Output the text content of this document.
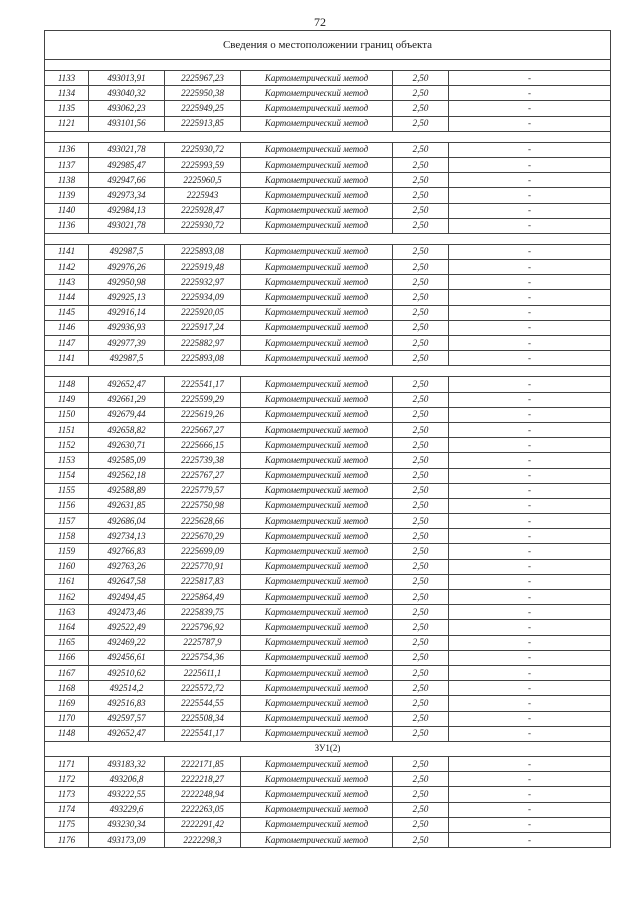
72
Сведения о местоположении границ объекта					

1133	493013,91	2225967,23	Картометрический метод	2,50	-
1134	493040,32	2225950,38	Картометрический метод	2,50	-
1135	493062,23	2225949,25	Картометрический метод	2,50	-
1121	493101,56	2225913,85	Картометрический метод	2,50	-

1136	493021,78	2225930,72	Картометрический метод	2,50	-
1137	492985,47	2225993,59	Картометрический метод	2,50	-
1138	492947,66	2225960,5	Картометрический метод	2,50	-
1139	492973,34	2225943	Картометрический метод	2,50	-
1140	492984,13	2225928,47	Картометрический метод	2,50	-
1136	493021,78	2225930,72	Картометрический метод	2,50	-

1141	492987,5	2225893,08	Картометрический метод	2,50	-
1142	492976,26	2225919,48	Картометрический метод	2,50	-
1143	492950,98	2225932,97	Картометрический метод	2,50	-
1144	492925,13	2225934,09	Картометрический метод	2,50	-
1145	492916,14	2225920,05	Картометрический метод	2,50	-
1146	492936,93	2225917,24	Картометрический метод	2,50	-
1147	492977,39	2225882,97	Картометрический метод	2,50	-
1141	492987,5	2225893,08	Картометрический метод	2,50	-

1148	492652,47	2225541,17	Картометрический метод	2,50	-
1149	492661,29	2225599,29	Картометрический метод	2,50	-
1150	492679,44	2225619,26	Картометрический метод	2,50	-
1151	492658,82	2225667,27	Картометрический метод	2,50	-
1152	492630,71	2225666,15	Картометрический метод	2,50	-
1153	492585,09	2225739,38	Картометрический метод	2,50	-
1154	492562,18	2225767,27	Картометрический метод	2,50	-
1155	492588,89	2225779,57	Картометрический метод	2,50	-
1156	492631,85	2225750,98	Картометрический метод	2,50	-
1157	492686,04	2225628,66	Картометрический метод	2,50	-
1158	492734,13	2225670,29	Картометрический метод	2,50	-
1159	492766,83	2225699,09	Картометрический метод	2,50	-
1160	492763,26	2225770,91	Картометрический метод	2,50	-
1161	492647,58	2225817,83	Картометрический метод	2,50	-
1162	492494,45	2225864,49	Картометрический метод	2,50	-
1163	492473,46	2225839,75	Картометрический метод	2,50	-
1164	492522,49	2225796,92	Картометрический метод	2,50	-
1165	492469,22	2225787,9	Картометрический метод	2,50	-
1166	492456,61	2225754,36	Картометрический метод	2,50	-
1167	492510,62	2225611,1	Картометрический метод	2,50	-
1168	492514,2	2225572,72	Картометрический метод	2,50	-
1169	492516,83	2225544,55	Картометрический метод	2,50	-
1170	492597,57	2225508,34	Картометрический метод	2,50	-
1148	492652,47	2225541,17	Картометрический метод	2,50	-
ЗУ1(2)					
1171	493183,32	2222171,85	Картометрический метод	2,50	-
1172	493206,8	2222218,27	Картометрический метод	2,50	-
1173	493222,55	2222248,94	Картометрический метод	2,50	-
1174	493229,6	2222263,05	Картометрический метод	2,50	-
1175	493230,34	2222291,42	Картометрический метод	2,50	-
1176	493173,09	2222298,3	Картометрический метод	2,50	-
